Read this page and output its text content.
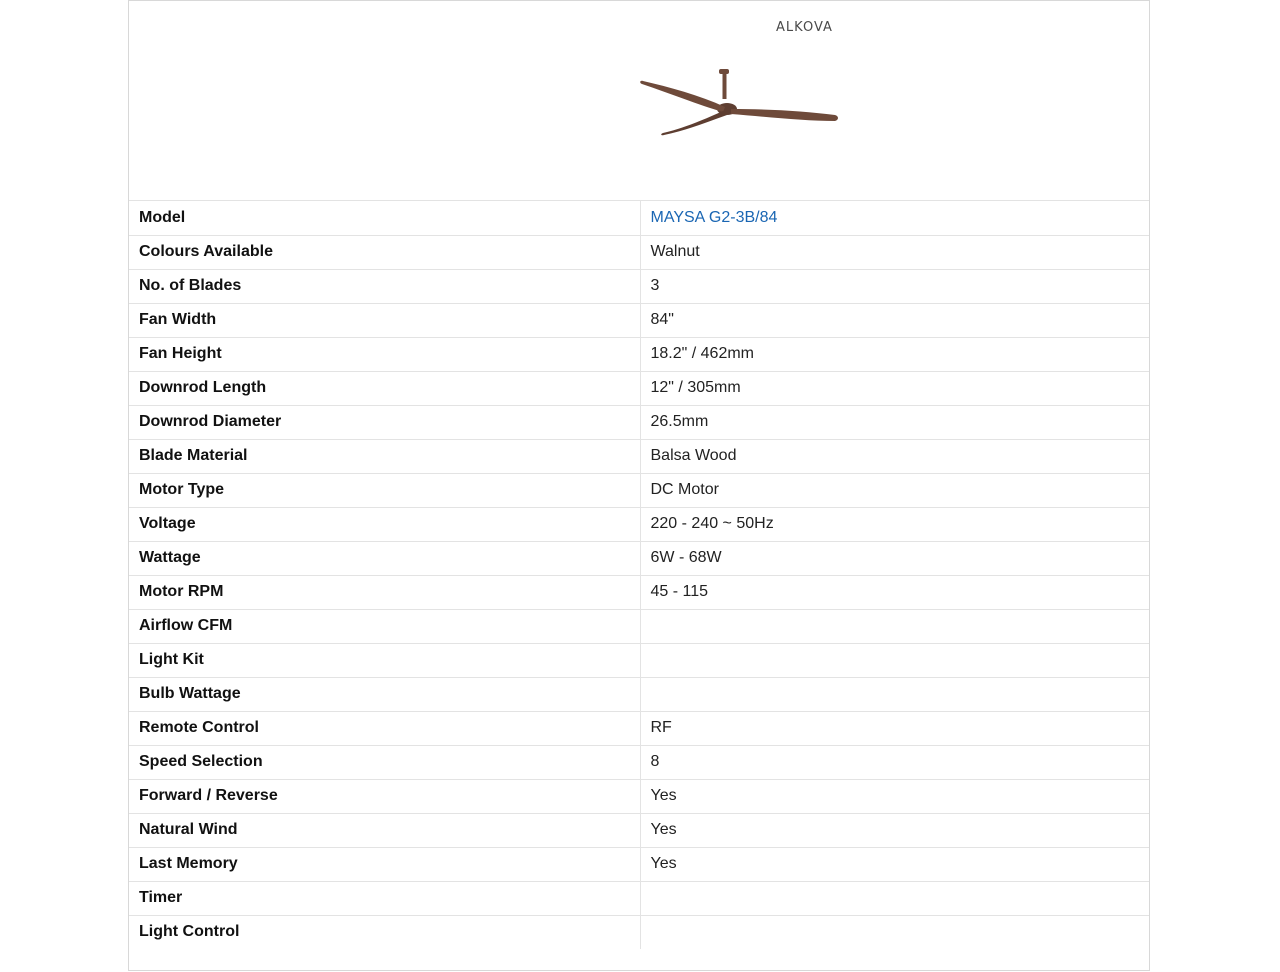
ALKOVA
Model	MAYSA G2-3B/84
Colours Available	Walnut
No. of Blades	3
Fan Width	84"
Fan Height	18.2" / 462mm
Downrod Length	12" / 305mm
Downrod Diameter	26.5mm
Blade Material	Balsa Wood
Motor Type	DC Motor
Voltage	220 - 240 ~ 50Hz
Wattage	6W - 68W
Motor RPM	45 - 115
Airflow CFM	
Light Kit	
Bulb Wattage	
Remote Control	RF
Speed Selection	8
Forward / Reverse	Yes
Natural Wind	Yes
Last Memory	Yes
Timer	
Light Control	
